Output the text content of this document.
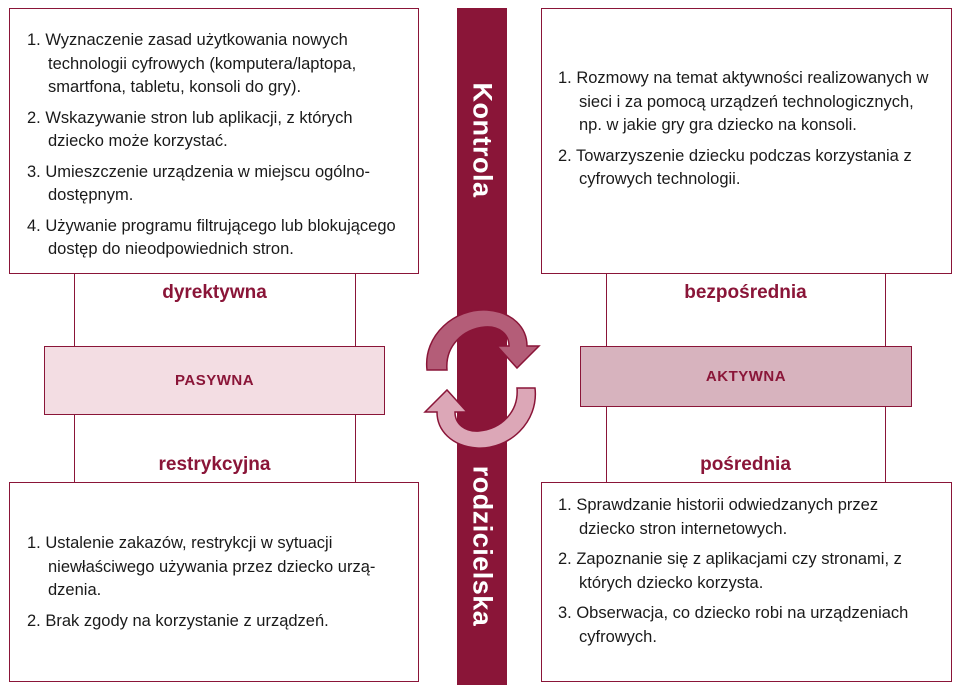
1. Wyznaczenie zasad użytkowania nowych technologii cyfrowych (komputera/laptopa, smartfona, tabletu, konsoli do gry).
2. Wskazywanie stron lub aplikacji, z których dziecko może korzystać.
3. Umieszczenie urządzenia w miejscu ogólnodostępnym.
4. Używanie programu filtrującego lub blokującego dostęp do nieodpowiednich stron.
1. Rozmowy na temat aktywności realizowanych w sieci i za pomocą urządzeń technologicznych, np. w jakie gry gra dziecko na konsoli.
2. Towarzyszenie dziecku podczas korzystania z cyfrowych technologii.
1. Ustalenie zakazów, restrykcji w sytuacji niewłaściwego używania przez dziecko urządzenia.
2. Brak zgody na korzystanie z urządzeń.
1. Sprawdzanie historii odwiedzanych przez dziecko stron internetowych.
2. Zapoznanie się z aplikacjami czy stronami, z których dziecko korzysta.
3. Obserwacja, co dziecko robi na urządzeniach cyfrowych.
dyrektywna
restrykcyjna
bezpośrednia
pośrednia
PASYWNA	AKTYWNA
Kontrola
rodzicielska
